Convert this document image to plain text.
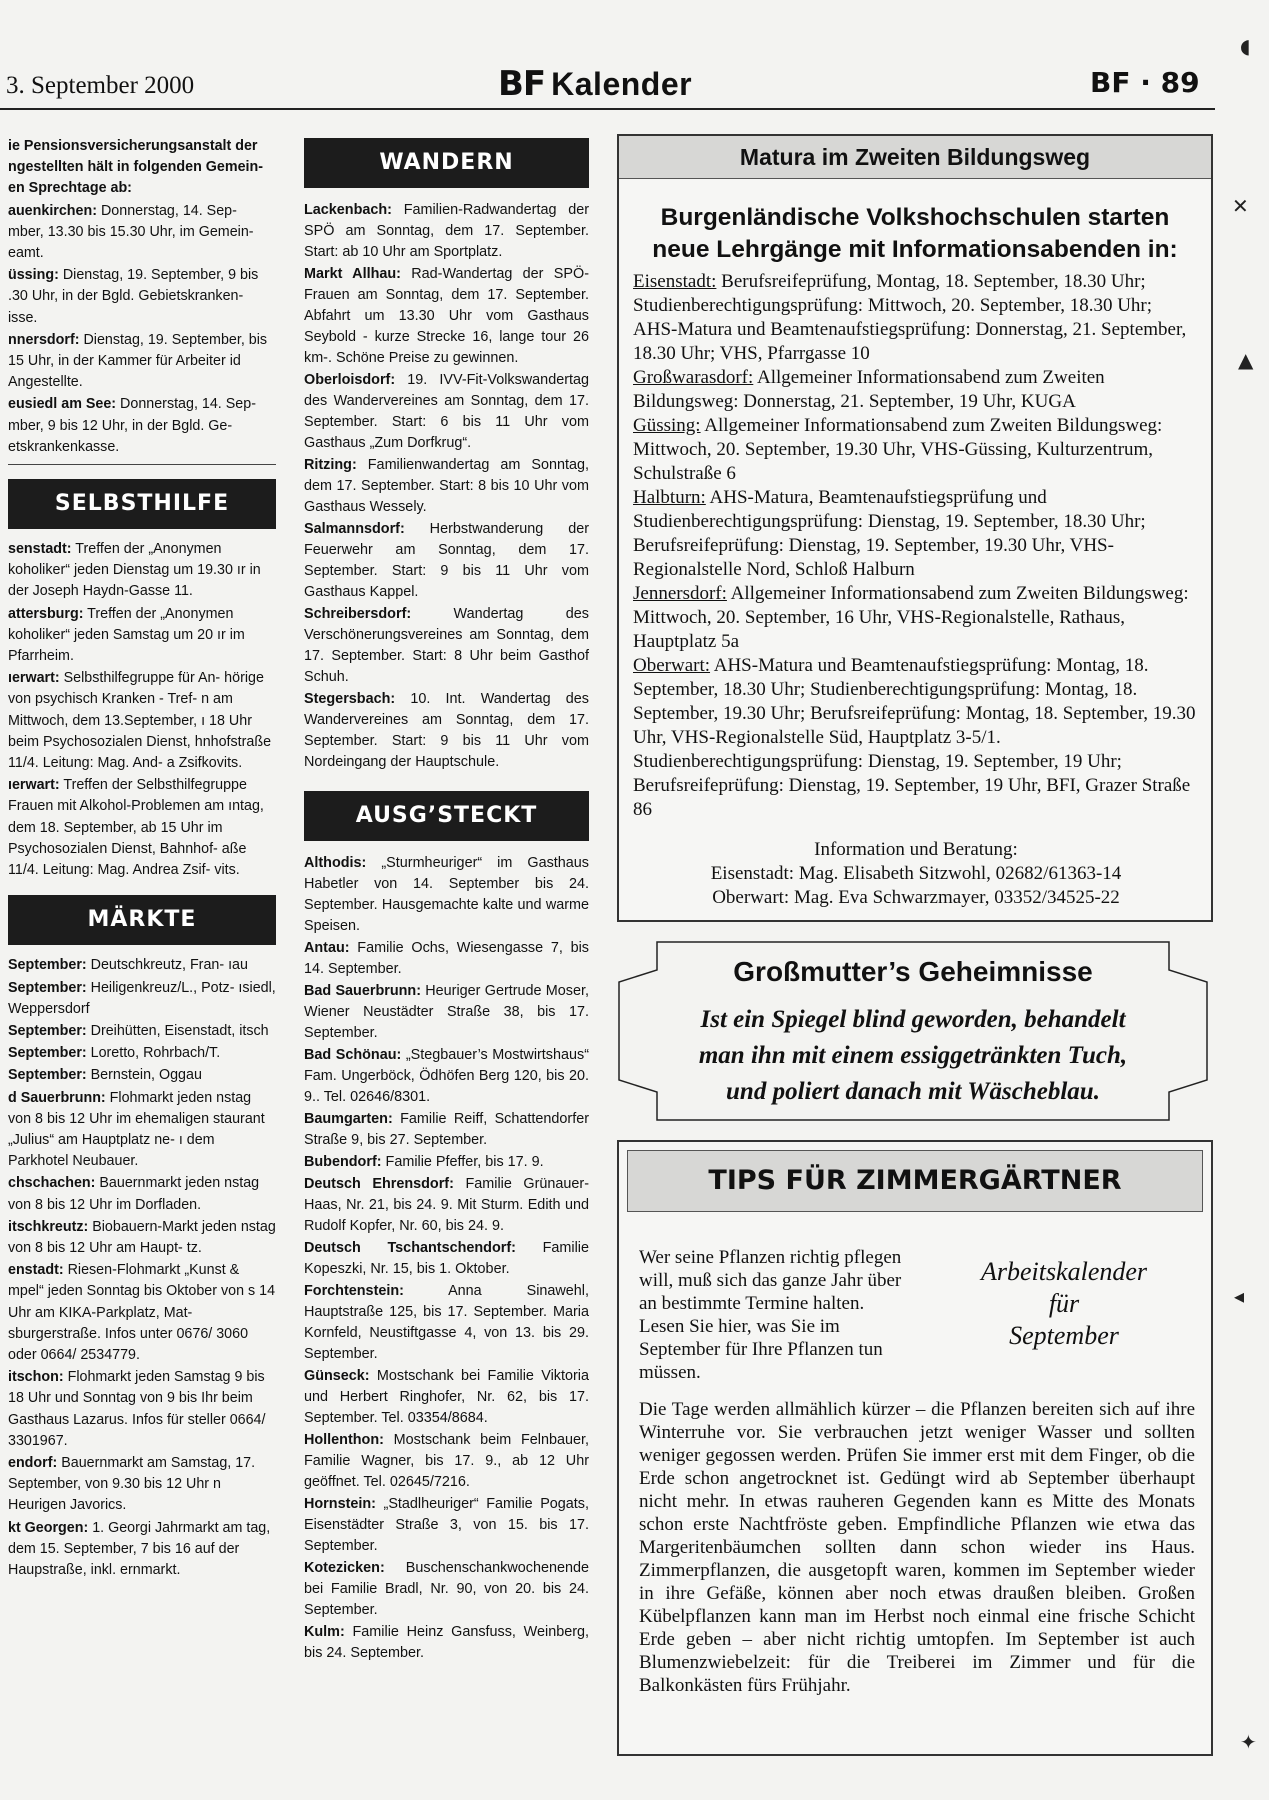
3. September 2000	BF Kalender	BF · 89

ie Pensionsversicherungsanstalt der ngestellten hält in folgenden Gemein- en Sprechtage ab:

auenkirchen: Donnerstag, 14. Sep- mber, 13.30 bis 15.30 Uhr, im Gemein- eamt.

üssing: Dienstag, 19. September, 9 bis .30 Uhr, in der Bgld. Gebietskranken- isse.

nnersdorf: Dienstag, 19. September, bis 15 Uhr, in der Kammer für Arbeiter id Angestellte.

eusiedl am See: Donnerstag, 14. Sep- mber, 9 bis 12 Uhr, in der Bgld. Ge- etskrankenkasse.

SELBSTHILFE

senstadt: Treffen der „Anonymen koholiker“ jeden Dienstag um 19.30 ır in der Joseph Haydn-Gasse 11.

attersburg: Treffen der „Anonymen koholiker“ jeden Samstag um 20 ır im Pfarrheim.

ıerwart: Selbsthilfegruppe für An- hörige von psychisch Kranken - Tref- n am Mittwoch, dem 13.September, ı 18 Uhr beim Psychosozialen Dienst, hnhofstraße 11/4. Leitung: Mag. And- a Zsifkovits.

ıerwart: Treffen der Selbsthilfegruppe Frauen mit Alkohol-Problemen am ıntag, dem 18. September, ab 15 Uhr im Psychosozialen Dienst, Bahnhof- aße 11/4. Leitung: Mag. Andrea Zsif- vits.

MÄRKTE

September: Deutschkreutz, Fran- ıau

September: Heiligenkreuz/L., Potz- ısiedl, Weppersdorf

September: Dreihütten, Eisenstadt, itsch

September: Loretto, Rohrbach/T.

September: Bernstein, Oggau

d Sauerbrunn: Flohmarkt jeden nstag von 8 bis 12 Uhr im ehemaligen staurant „Julius“ am Hauptplatz ne- ı dem Parkhotel Neubauer.

chschachen: Bauernmarkt jeden nstag von 8 bis 12 Uhr im Dorfladen.

itschkreutz: Biobauern-Markt jeden nstag von 8 bis 12 Uhr am Haupt- tz.

enstadt: Riesen-Flohmarkt „Kunst & mpel“ jeden Sonntag bis Oktober von s 14 Uhr am KIKA-Parkplatz, Mat- sburgerstraße. Infos unter 0676/ 3060 oder 0664/ 2534779.

itschon: Flohmarkt jeden Samstag 9 bis 18 Uhr und Sonntag von 9 bis Ihr beim Gasthaus Lazarus. Infos für steller 0664/ 3301967.

endorf: Bauernmarkt am Samstag, 17. September, von 9.30 bis 12 Uhr n Heurigen Javorics.

kt Georgen: 1. Georgi Jahrmarkt am tag, dem 15. September, 7 bis 16 auf der Haupstraße, inkl. ernmarkt.

WANDERN

Lackenbach: Familien-Radwandertag der SPÖ am Sonntag, dem 17. September. Start: ab 10 Uhr am Sportplatz.

Markt Allhau: Rad-Wandertag der SPÖ-Frauen am Sonntag, dem 17. September. Abfahrt um 13.30 Uhr vom Gasthaus Seybold - kurze Strecke 16, lange tour 26 km-. Schöne Preise zu gewinnen.

Oberloisdorf: 19. IVV-Fit-Volkswandertag des Wandervereines am Sonntag, dem 17. September. Start: 6 bis 11 Uhr vom Gasthaus „Zum Dorfkrug“.

Ritzing: Familienwandertag am Sonntag, dem 17. September. Start: 8 bis 10 Uhr vom Gasthaus Wessely.

Salmannsdorf: Herbstwanderung der Feuerwehr am Sonntag, dem 17. September. Start: 9 bis 11 Uhr vom Gasthaus Kappel.

Schreibersdorf: Wandertag des Verschönerungsvereines am Sonntag, dem 17. September. Start: 8 Uhr beim Gasthof Schuh.

Stegersbach: 10. Int. Wandertag des Wandervereines am Sonntag, dem 17. September. Start: 9 bis 11 Uhr vom Nordeingang der Hauptschule.

AUSG’STECKT

Althodis: „Sturmheuriger“ im Gasthaus Habetler von 14. September bis 24. September. Hausgemachte kalte und warme Speisen.

Antau: Familie Ochs, Wiesengasse 7, bis 14. September.

Bad Sauerbrunn: Heuriger Gertrude Moser, Wiener Neustädter Straße 38, bis 17. September.

Bad Schönau: „Stegbauer’s Mostwirtshaus“ Fam. Ungerböck, Ödhöfen Berg 120, bis 20. 9.. Tel. 02646/8301.

Baumgarten: Familie Reiff, Schattendorfer Straße 9, bis 27. September.

Bubendorf: Familie Pfeffer, bis 17. 9.

Deutsch Ehrensdorf: Familie Grünauer-Haas, Nr. 21, bis 24. 9. Mit Sturm. Edith und Rudolf Kopfer, Nr. 60, bis 24. 9.

Deutsch Tschantschendorf: Familie Kopeszki, Nr. 15, bis 1. Oktober.

Forchtenstein: Anna Sinawehl, Hauptstraße 125, bis 17. September. Maria Kornfeld, Neustiftgasse 4, von 13. bis 29. September.

Günseck: Mostschank bei Familie Viktoria und Herbert Ringhofer, Nr. 62, bis 17. September. Tel. 03354/8684.

Hollenthon: Mostschank beim Felnbauer, Familie Wagner, bis 17. 9., ab 12 Uhr geöffnet. Tel. 02645/7216.

Hornstein: „Stadlheuriger“ Familie Pogats, Eisenstädter Straße 3, von 15. bis 17. September.

Kotezicken: Buschenschankwochenende bei Familie Bradl, Nr. 90, von 20. bis 24. September.

Kulm: Familie Heinz Gansfuss, Weinberg, bis 24. September.

Matura im Zweiten Bildungsweg
Burgenländische Volkshochschulen starten neue Lehrgänge mit Informationsabenden in:

Eisenstadt: Berufsreifeprüfung, Montag, 18. September, 18.30 Uhr; Studienberechtigungsprüfung: Mittwoch, 20. September, 18.30 Uhr; AHS-Matura und Beamtenaufstiegsprüfung: Donnerstag, 21. September, 18.30 Uhr; VHS, Pfarrgasse 10

Großwarasdorf: Allgemeiner Informationsabend zum Zweiten Bildungsweg: Donnerstag, 21. September, 19 Uhr, KUGA

Güssing: Allgemeiner Informationsabend zum Zweiten Bildungsweg: Mittwoch, 20. September, 19.30 Uhr, VHS-Güssing, Kulturzentrum, Schulstraße 6

Halbturn: AHS-Matura, Beamtenaufstiegsprüfung und Studienberechtigungsprüfung: Dienstag, 19. September, 18.30 Uhr; Berufsreifeprüfung: Dienstag, 19. September, 19.30 Uhr, VHS-Regionalstelle Nord, Schloß Halburn

Jennersdorf: Allgemeiner Informationsabend zum Zweiten Bildungsweg: Mittwoch, 20. September, 16 Uhr, VHS-Regionalstelle, Rathaus, Hauptplatz 5a

Oberwart: AHS-Matura und Beamtenaufstiegsprüfung: Montag, 18. September, 18.30 Uhr; Studienberechtigungsprüfung: Montag, 18. September, 19.30 Uhr; Berufsreifeprüfung: Montag, 18. September, 19.30 Uhr, VHS-Regionalstelle Süd, Hauptplatz 3-5/1. Studienberechtigungsprüfung: Dienstag, 19. September, 19 Uhr; Berufsreifeprüfung: Dienstag, 19. September, 19 Uhr, BFI, Grazer Straße 86

Information und Beratung:
Eisenstadt: Mag. Elisabeth Sitzwohl, 02682/61363-14
Oberwart: Mag. Eva Schwarzmayer, 03352/34525-22
Großmutter’s Geheimnisse
Ist ein Spiegel blind geworden, behandelt
man ihn mit einem essiggetränkten Tuch,
und poliert danach mit Wäscheblau.
TIPS FÜR ZIMMERGÄRTNER
Wer seine Pflanzen richtig pflegen will, muß sich das ganze Jahr über an bestimmte Termine halten. Lesen Sie hier, was Sie im September für Ihre Pflanzen tun müssen.
Arbeitskalender
für
September
Die Tage werden allmählich kürzer – die Pflanzen bereiten sich auf ihre Winterruhe vor. Sie verbrauchen jetzt weniger Wasser und sollten weniger gegossen werden. Prüfen Sie immer erst mit dem Finger, ob die Erde schon angetrocknet ist. Gedüngt wird ab September überhaupt nicht mehr. In etwas rauheren Gegenden kann es Mitte des Monats schon erste Nachtfröste geben. Empfindliche Pflanzen wie etwa das Margeritenbäumchen sollten dann schon wieder ins Haus. Zimmerpflanzen, die ausgetopft waren, kommen im September wieder in ihre Gefäße, können aber noch etwas draußen bleiben. Großen Kübelpflanzen kann man im Herbst noch einmal eine frische Schicht Erde geben – aber nicht richtig umtopfen. Im September ist auch Blumenzwiebelzeit: für die Treiberei im Zimmer und für die Balkonkästen fürs Frühjahr.
◖
✕
▲
◂
✦
